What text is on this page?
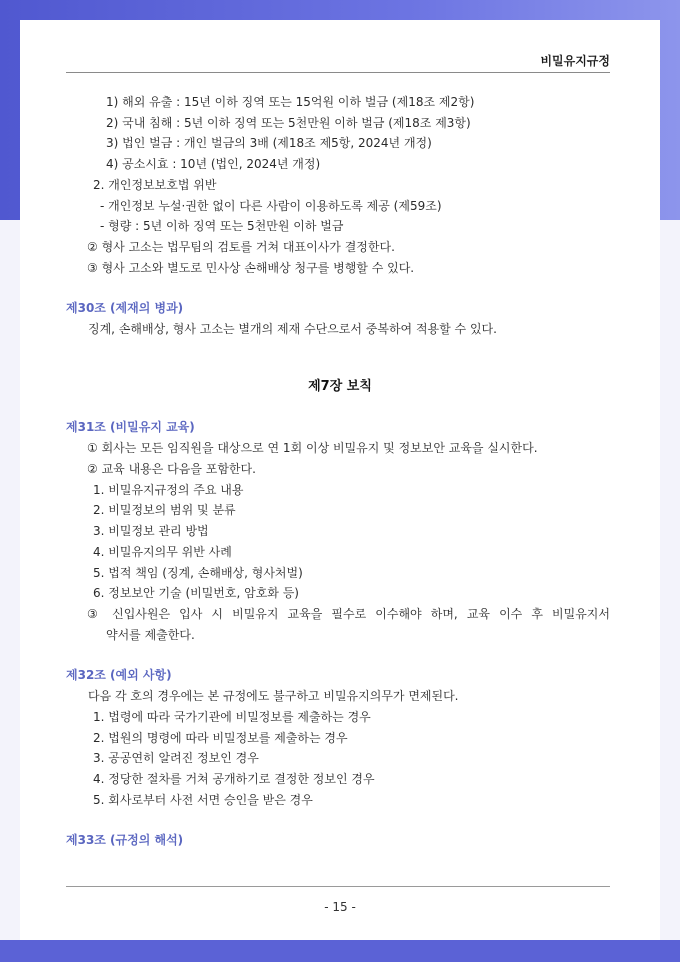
비밀유지규정
1) 해외 유출 : 15년 이하 징역 또는 15억원 이하 벌금 (제18조 제2항)
2) 국내 침해 : 5년 이하 징역 또는 5천만원 이하 벌금 (제18조 제3항)
3) 법인 벌금 : 개인 벌금의 3배 (제18조 제5항, 2024년 개정)
4) 공소시효 : 10년 (법인, 2024년 개정)
2. 개인정보보호법 위반
- 개인정보 누설·권한 없이 다른 사람이 이용하도록 제공 (제59조)
- 형량 : 5년 이하 징역 또는 5천만원 이하 벌금
② 형사 고소는 법무팀의 검토를 거쳐 대표이사가 결정한다.
③ 형사 고소와 별도로 민사상 손해배상 청구를 병행할 수 있다.
제30조 (제재의 병과)
징계, 손해배상, 형사 고소는 별개의 제재 수단으로서 중복하여 적용할 수 있다.
제7장 보칙
제31조 (비밀유지 교육)
① 회사는 모든 임직원을 대상으로 연 1회 이상 비밀유지 및 정보보안 교육을 실시한다.
② 교육 내용은 다음을 포함한다.
1. 비밀유지규정의 주요 내용
2. 비밀정보의 범위 및 분류
3. 비밀정보 관리 방법
4. 비밀유지의무 위반 사례
5. 법적 책임 (징계, 손해배상, 형사처벌)
6. 정보보안 기술 (비밀번호, 암호화 등)
③ 신입사원은 입사 시 비밀유지 교육을 필수로 이수해야 하며, 교육 이수 후 비밀유지서
약서를 제출한다.
제32조 (예외 사항)
다음 각 호의 경우에는 본 규정에도 불구하고 비밀유지의무가 면제된다.
1. 법령에 따라 국가기관에 비밀정보를 제출하는 경우
2. 법원의 명령에 따라 비밀정보를 제출하는 경우
3. 공공연히 알려진 정보인 경우
4. 정당한 절차를 거쳐 공개하기로 결정한 정보인 경우
5. 회사로부터 사전 서면 승인을 받은 경우
제33조 (규정의 해석)
- 15 -
